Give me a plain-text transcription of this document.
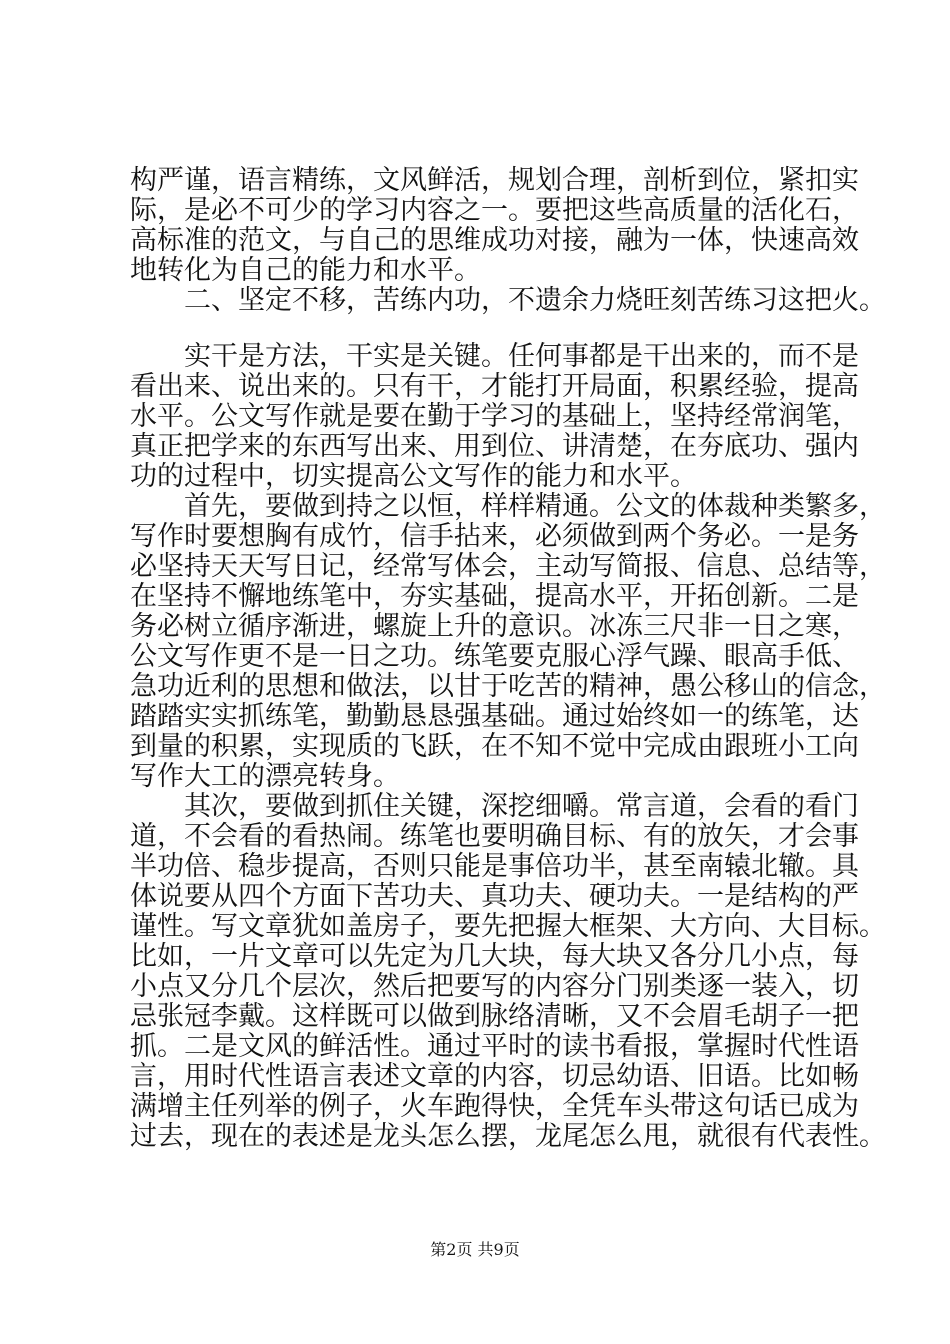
构严谨，语言精练，文风鲜活，规划合理，剖析到位，紧扣实
际，是必不可少的学习内容之一。要把这些高质量的活化石，
高标准的范文，与自己的思维成功对接，融为一体，快速高效
地转化为自己的能力和水平。
二、坚定不移，苦练内功，不遗余力烧旺刻苦练习这把火。
实干是方法，干实是关键。任何事都是干出来的，而不是
看出来、说出来的。只有干，才能打开局面，积累经验，提高
水平。公文写作就是要在勤于学习的基础上，坚持经常润笔，
真正把学来的东西写出来、用到位、讲清楚，在夯底功、强内
功的过程中，切实提高公文写作的能力和水平。
首先，要做到持之以恒，样样精通。公文的体裁种类繁多，
写作时要想胸有成竹，信手拈来，必须做到两个务必。一是务
必坚持天天写日记，经常写体会，主动写简报、信息、总结等，
在坚持不懈地练笔中，夯实基础，提高水平，开拓创新。二是
务必树立循序渐进，螺旋上升的意识。冰冻三尺非一日之寒，
公文写作更不是一日之功。练笔要克服心浮气躁、眼高手低、
急功近利的思想和做法，以甘于吃苦的精神，愚公移山的信念，
踏踏实实抓练笔，勤勤恳恳强基础。通过始终如一的练笔，达
到量的积累，实现质的飞跃，在不知不觉中完成由跟班小工向
写作大工的漂亮转身。
其次，要做到抓住关键，深挖细嚼。常言道，会看的看门
道，不会看的看热闹。练笔也要明确目标、有的放矢，才会事
半功倍、稳步提高，否则只能是事倍功半，甚至南辕北辙。具
体说要从四个方面下苦功夫、真功夫、硬功夫。一是结构的严
谨性。写文章犹如盖房子，要先把握大框架、大方向、大目标。
比如，一片文章可以先定为几大块，每大块又各分几小点，每
小点又分几个层次，然后把要写的内容分门别类逐一装入，切
忌张冠李戴。这样既可以做到脉络清晰，又不会眉毛胡子一把
抓。二是文风的鲜活性。通过平时的读书看报，掌握时代性语
言，用时代性语言表述文章的内容，切忌幼语、旧语。比如畅
满增主任列举的例子，火车跑得快，全凭车头带这句话已成为
过去，现在的表述是龙头怎么摆，龙尾怎么甩，就很有代表性。
第2页 共9页
